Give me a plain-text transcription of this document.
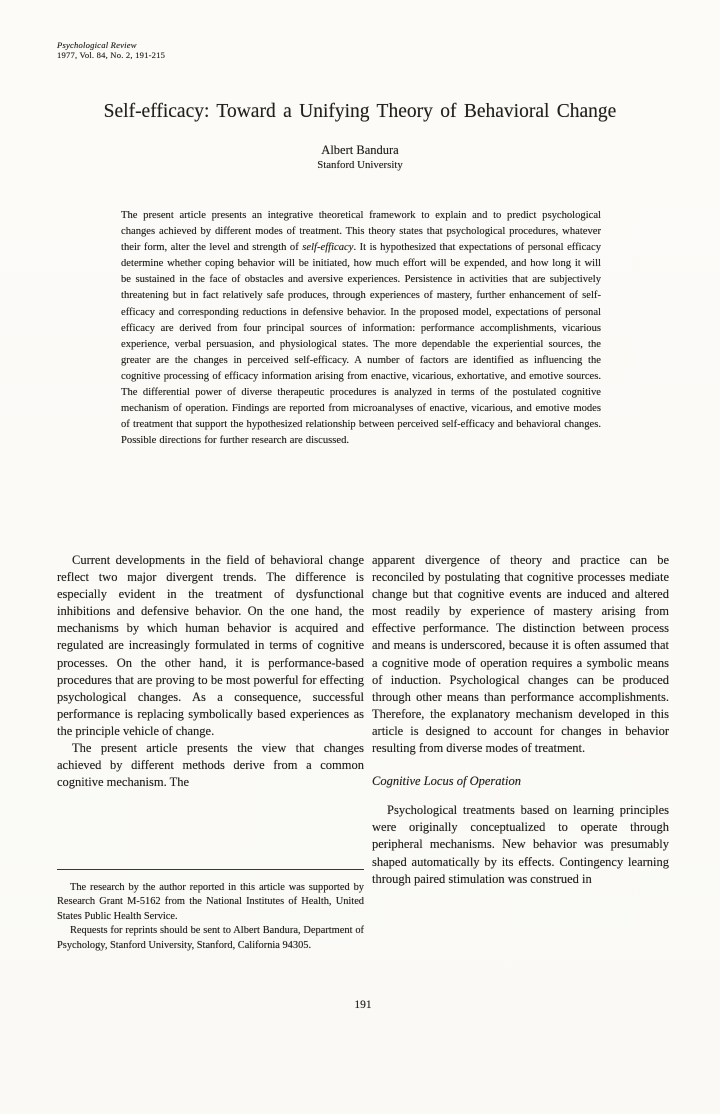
Psychological Review
1977, Vol. 84, No. 2, 191-215
Self-efficacy: Toward a Unifying Theory of Behavioral Change
Albert Bandura
Stanford University
The present article presents an integrative theoretical framework to explain and to predict psychological changes achieved by different modes of treatment. This theory states that psychological procedures, whatever their form, alter the level and strength of self-efficacy. It is hypothesized that expectations of personal efficacy determine whether coping behavior will be initiated, how much effort will be expended, and how long it will be sustained in the face of obstacles and aversive experiences. Persistence in activities that are subjectively threatening but in fact relatively safe produces, through experiences of mastery, further enhancement of self-efficacy and corresponding reductions in defensive behavior. In the proposed model, expectations of personal efficacy are derived from four principal sources of information: performance accomplishments, vicarious experience, verbal persuasion, and physiological states. The more dependable the experiential sources, the greater are the changes in perceived self-efficacy. A number of factors are identified as influencing the cognitive processing of efficacy information arising from enactive, vicarious, exhortative, and emotive sources. The differential power of diverse therapeutic procedures is analyzed in terms of the postulated cognitive mechanism of operation. Findings are reported from microanalyses of enactive, vicarious, and emotive modes of treatment that support the hypothesized relationship between perceived self-efficacy and behavioral changes. Possible directions for further research are discussed.

Current developments in the field of behavioral change reflect two major divergent trends. The difference is especially evident in the treatment of dysfunctional inhibitions and defensive behavior. On the one hand, the mechanisms by which human behavior is acquired and regulated are increasingly formulated in terms of cognitive processes. On the other hand, it is performance-based procedures that are proving to be most powerful for effecting psychological changes. As a consequence, successful performance is replacing symbolically based experiences as the principle vehicle of change.

The present article presents the view that changes achieved by different methods derive from a common cognitive mechanism. The

apparent divergence of theory and practice can be reconciled by postulating that cognitive processes mediate change but that cognitive events are induced and altered most readily by experience of mastery arising from effective performance. The distinction between process and means is underscored, because it is often assumed that a cognitive mode of operation requires a symbolic means of induction. Psychological changes can be produced through other means than performance accomplishments. Therefore, the explanatory mechanism developed in this article is designed to account for changes in behavior resulting from diverse modes of treatment.

Cognitive Locus of Operation

Psychological treatments based on learning principles were originally conceptualized to operate through peripheral mechanisms. New behavior was presumably shaped automatically by its effects. Contingency learning through paired stimulation was construed in

The research by the author reported in this article was supported by Research Grant M-5162 from the National Institutes of Health, United States Public Health Service.

Requests for reprints should be sent to Albert Bandura, Department of Psychology, Stanford University, Stanford, California 94305.

191
